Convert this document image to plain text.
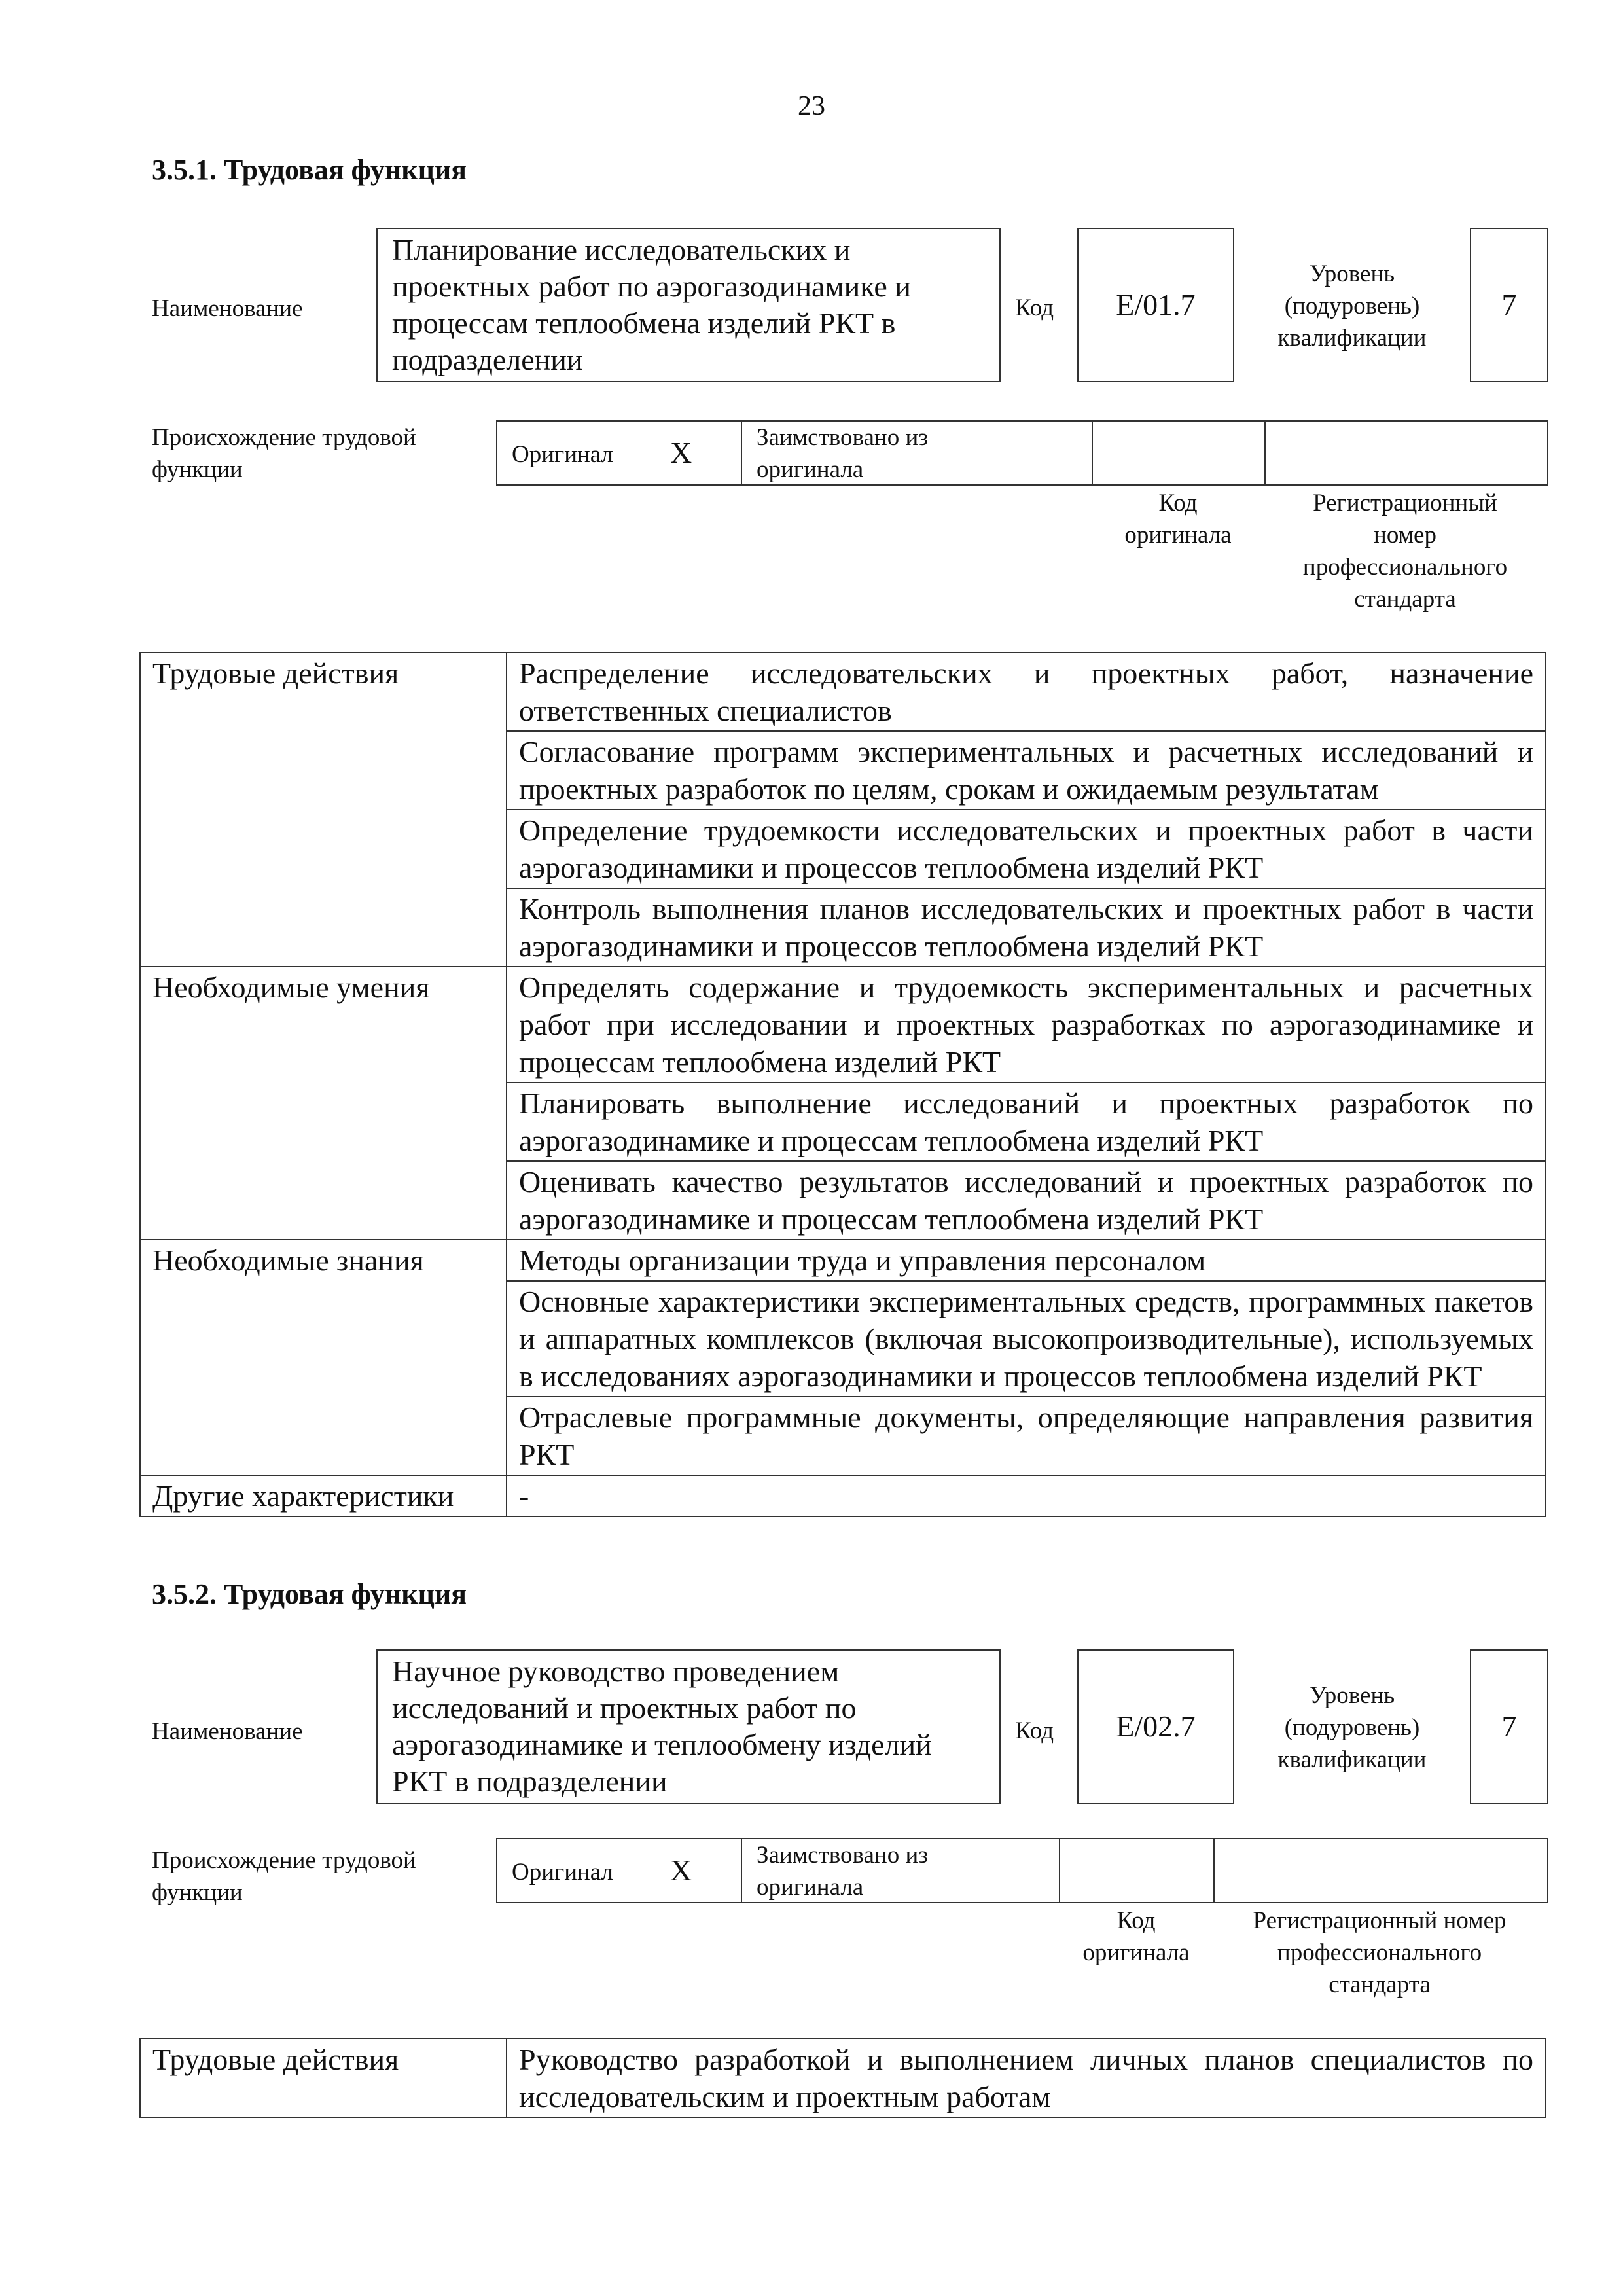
23
3.5.1. Трудовая функция
Наименование
Планирование исследовательских и
проектных работ по аэрогазодинамике и
процессам теплообмена изделий РКТ в
подразделении
Код E/01.7
Уровень
(подуровень)
квалификации
7
Происхождение трудовой
функции
Оригинал X	Заимствовано из
оригинала
Код
оригинала
Регистрационный
номер
профессионального
стандарта
Трудовые действия	Распределение исследовательских и проектных работ, назначение ответственных специалистов
	Согласование программ экспериментальных и расчетных исследований и проектных разработок по целям, срокам и ожидаемым результатам
	Определение трудоемкости исследовательских и проектных работ в части аэрогазодинамики и процессов теплообмена изделий РКТ
	Контроль выполнения планов исследовательских и проектных работ в части аэрогазодинамики и процессов теплообмена изделий РКТ
Необходимые умения	Определять содержание и трудоемкость экспериментальных и расчетных работ при исследовании и проектных разработках по аэрогазодинамике и процессам теплообмена изделий РКТ
	Планировать выполнение исследований и проектных разработок по аэрогазодинамике и процессам теплообмена изделий РКТ
	Оценивать качество результатов исследований и проектных разработок по аэрогазодинамике и процессам теплообмена изделий РКТ
Необходимые знания	Методы организации труда и управления персоналом
	Основные характеристики экспериментальных средств, программных пакетов и аппаратных комплексов (включая высокопроизводительные), используемых в исследованиях аэрогазодинамики и процессов теплообмена изделий РКТ
	Отраслевые программные документы, определяющие направления развития РКТ
Другие характеристики	-
3.5.2. Трудовая функция
Наименование
Научное руководство проведением
исследований и проектных работ по
аэрогазодинамике и теплообмену изделий
РКТ в подразделении
Код E/02.7
Уровень
(подуровень)
квалификации
7
Происхождение трудовой
функции
Оригинал X	Заимствовано из
оригинала
Код
оригинала
Регистрационный номер
профессионального
стандарта
Трудовые действия	Руководство разработкой и выполнением личных планов специалистов по исследовательским и проектным работам
